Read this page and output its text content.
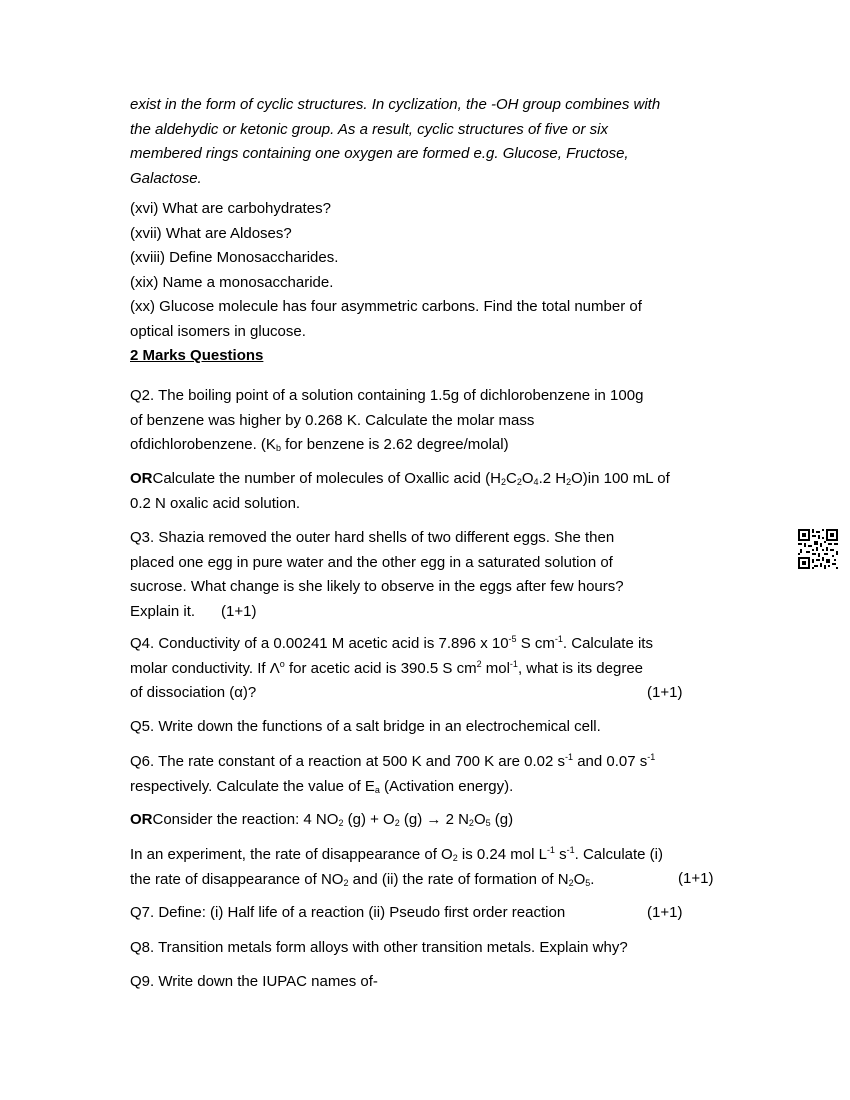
exist in the form of cyclic structures. In cyclization, the -OH group combines with
the aldehydic or ketonic group. As a result, cyclic structures of five or six
membered rings containing one oxygen are formed e.g. Glucose, Fructose,
Galactose.
(xvi) What are carbohydrates?
(xvii) What are Aldoses?
(xviii) Define Monosaccharides.
(xix) Name a monosaccharide.
(xx) Glucose molecule has four asymmetric carbons. Find the total number of
optical isomers in glucose.
2 Marks Questions
Q2. The boiling point of a solution containing 1.5g of dichlorobenzene in 100g
of benzene was higher by 0.268 K. Calculate the molar mass
ofdichlorobenzene. ($K_b$ for benzene is 2.62 degree/molal)
ORCalculate the number of molecules of Oxallic acid ($H_2C_2O_4.2$ $H_2O)in$ 100 mL of
0.2 N oxalic acid solution.
Q3. Shazia removed the outer hard shells of two different eggs. She then
placed one egg in pure water and the other egg in a saturated solution of
sucrose. What change is she likely to observe in the eggs after few hours?
Explain it. (1+1)
Q4. Conductivity of a 0.00241 M acetic acid is 7.896 x $10^{-5}$ S $cm^{-1}$. Calculate its
molar conductivity. If $\Lambda^o$ for acetic acid is 390.5 S $cm^2$ mol$^{-1}$, what is its degree
of dissociation (α)?	(1+1)
Q5. Write down the functions of a salt bridge in an electrochemical cell.
Q6. The rate constant of a reaction at 500 K and 700 K are 0.02 $s^{-1}$ and 0.07 $s^{-1}$
respectively. Calculate the value of $E_a$ (Activation energy).
ORConsider the reaction: 4 $NO_2$ $(g) + O_2$ (g) → 2 $N_2O_5$ (g)
In an experiment, the rate of disappearance of $O_2$ is 0.24 mol $L^{-1}$ $s^{-1}$. Calculate (i)
the rate of disappearance of $NO_2$ and (ii) the rate of formation of $N_2O_5$.	(1+1)
Q7. Define: (i) Half life of a reaction (ii) Pseudo first order reaction	(1+1)
Q8. Transition metals form alloys with other transition metals. Explain why?
Q9. Write down the IUPAC names of-
